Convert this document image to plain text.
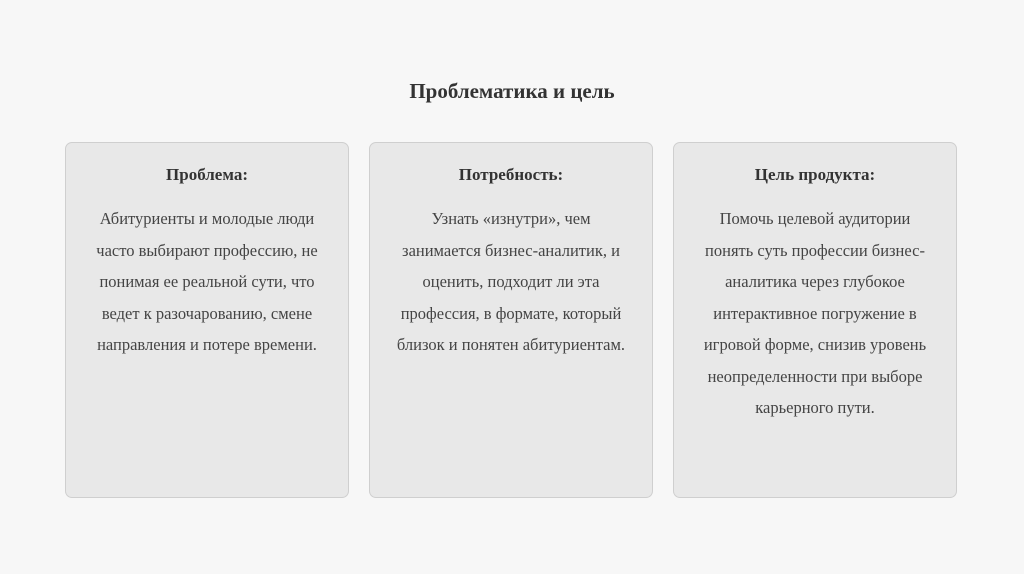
Проблематика и цель

Проблема:

Абитуриенты и молодые люди часто выбирают профессию, не понимая ее реальной сути, что ведет к разочарованию, смене направления и потере времени.

Потребность:

Узнать «изнутри», чем занимается бизнес-аналитик, и оценить, подходит ли эта профессия, в формате, который близок и понятен абитуриентам.

Цель продукта:

Помочь целевой аудитории понять суть профессии бизнес-аналитика через глубокое интерактивное погружение в игровой форме, снизив уровень неопределенности при выборе карьерного пути.
